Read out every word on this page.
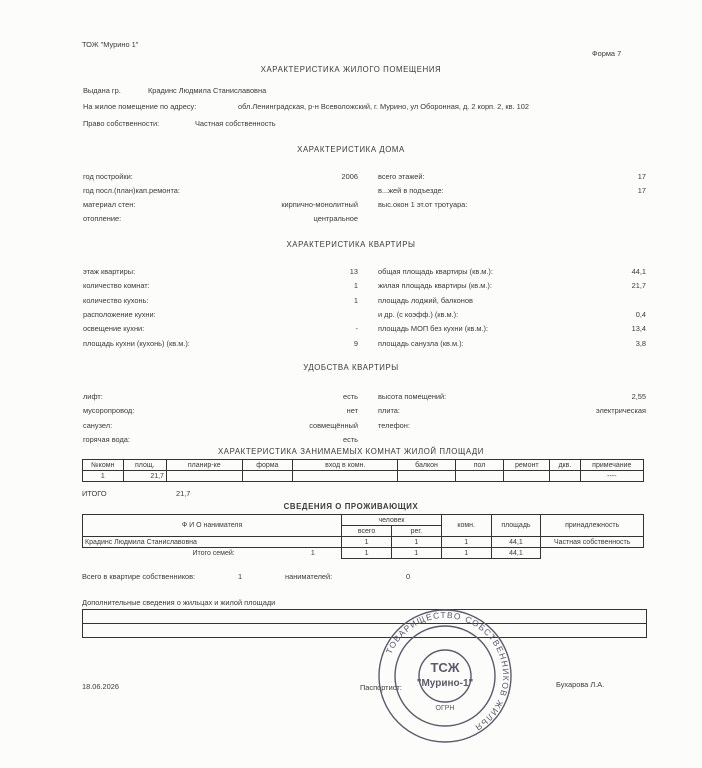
ТОЖ "Мурино 1"
Форма 7
ХАРАКТЕРИСТИКА ЖИЛОГО ПОМЕЩЕНИЯ
Выдана гр.	Крадинс Людмила Станиславовна
На жилое помещение по адресу:	обл.Ленинградская, р-н Всеволожский, г. Мурино, ул Оборонная, д. 2 корп. 2, кв. 102
Право собственности:	Частная собственность
ХАРАКТЕРИСТИКА ДОМА
год постройки:	2006
год посл.(план)кап.ремонта:
материал стен:	кирпично-монолитный
отопление:	центральное
всего этажей:	17
в...жей в подъезде:	17
выс.окон 1 эт.от тротуара:
ХАРАКТЕРИСТИКА КВАРТИРЫ
этаж квартиры:	13
количество комнат:	1
количество кухонь:	1
расположение кухни:
освещение кухни:	-
площадь кухни (кухонь) (кв.м.):	9
общая площадь квартиры (кв.м.):	44,1
жилая площадь квартиры (кв.м.):	21,7
площадь лоджий, балконов
и др. (с коэфф.) (кв.м.):	0,4
площадь МОП без кухни (кв.м.):	13,4
площадь санузла (кв.м.):	3,8
УДОБСТВА КВАРТИРЫ
лифт:	есть
мусоропровод:	нет
санузел:	совмещённый
горячая вода:	есть
высота помещений:	2,55
плита:	электрическая
телефон:
ХАРАКТЕРИСТИКА ЗАНИМАЕМЫХ КОМНАТ ЖИЛОЙ ПЛОЩАДИ
№комн	площ.	планир-ке	форма	вход в комн.	балкон	пол	ремонт	дкв.	примечание
1	21,7								----
ИТОГО	21,7
СВЕДЕНИЯ О ПРОЖИВАЮЩИХ
Ф И О нанимателя	человек		комн.	площадь	принадлежность
	всего	рег.			
Крадинс Людмила Станиславовна	1	1	1	44,1	Частная собственность
Итого семей: 1	1	1	1	44,1	
Всего в квартире собственников:	1	нанимателей:	0
Дополнительные сведения о жильцах и жилой площади
18.06.2026	Паспортист:	Бухарова Л.А.
ТОВАРИЩЕСТВО СОБСТВЕННИКОВ ЖИЛЬЯ
ТСЖ
"Мурино-1"
ОГРН
